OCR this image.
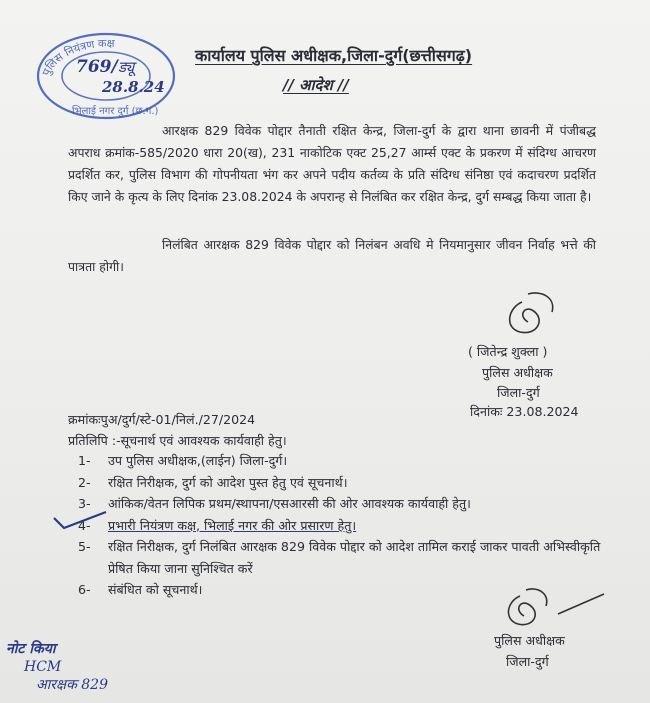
पुलिस नियंत्रण कक्ष
भिलाई नगर दुर्ग (छ.ग.)
769/ ड्यू
28.8.24
कार्यालय पुलिस अधीक्षक,जिला-दुर्ग(छत्तीसगढ़)
// आदेश //
आरक्षक 829 विवेक पोद्दार तैनाती रक्षित केन्द्र, जिला-दुर्ग के द्वारा थाना छावनी में पंजीबद्ध अपराध क्रमांक-585/2020 धारा 20(ख), 231 नाकोटिक एक्ट 25,27 आर्म्स एक्ट के प्रकरण में संदिग्ध आचरण प्रदर्शित कर, पुलिस विभाग की गोपनीयता भंग कर अपने पदीय कर्तव्य के प्रति संदिग्ध संनिष्ठा एवं कदाचरण प्रदर्शित किए जाने के कृत्य के लिए दिनांक 23.08.2024 के अपरान्ह से निलंबित कर रक्षित केन्द्र, दुर्ग सम्बद्ध किया जाता है।
निलंबित आरक्षक 829 विवेक पोद्दार को निलंबन अवधि मे नियमानुसार जीवन निर्वाह भत्ते की पात्रता होगी।
( जितेन्द्र शुक्ला )
पुलिस अधीक्षक
जिला-दुर्ग
दिनांकः 23.08.2024
क्रमांकःपुअ/दुर्ग/स्टे-01/निलं./27/2024
प्रतिलिपि :-सूचनार्थ एवं आवश्यक कार्यवाही हेतु।
1- उप पुलिस अधीक्षक,(लाईन) जिला-दुर्ग।
2- रक्षित निरीक्षक, दुर्ग को आदेश पुस्त हेतु एवं सूचनार्थ।
3- आंकिक/वेतन लिपिक प्रथम/स्थापना/एसआरसी की ओर आवश्यक कार्यवाही हेतु।
4- प्रभारी नियंत्रण कक्ष, भिलाई नगर की ओर प्रसारण हेतु।
5- रक्षित निरीक्षक, दुर्ग निलंबित आरक्षक 829 विवेक पोद्दार को आदेश तामिल कराई जाकर पावती अभिस्वीकृति प्रेषित किया जाना सुनिश्चित करें
6- संबंधित को सूचनार्थ।
पुलिस अधीक्षक
जिला-दुर्ग
नोट किया
HCM
आरक्षक 829
